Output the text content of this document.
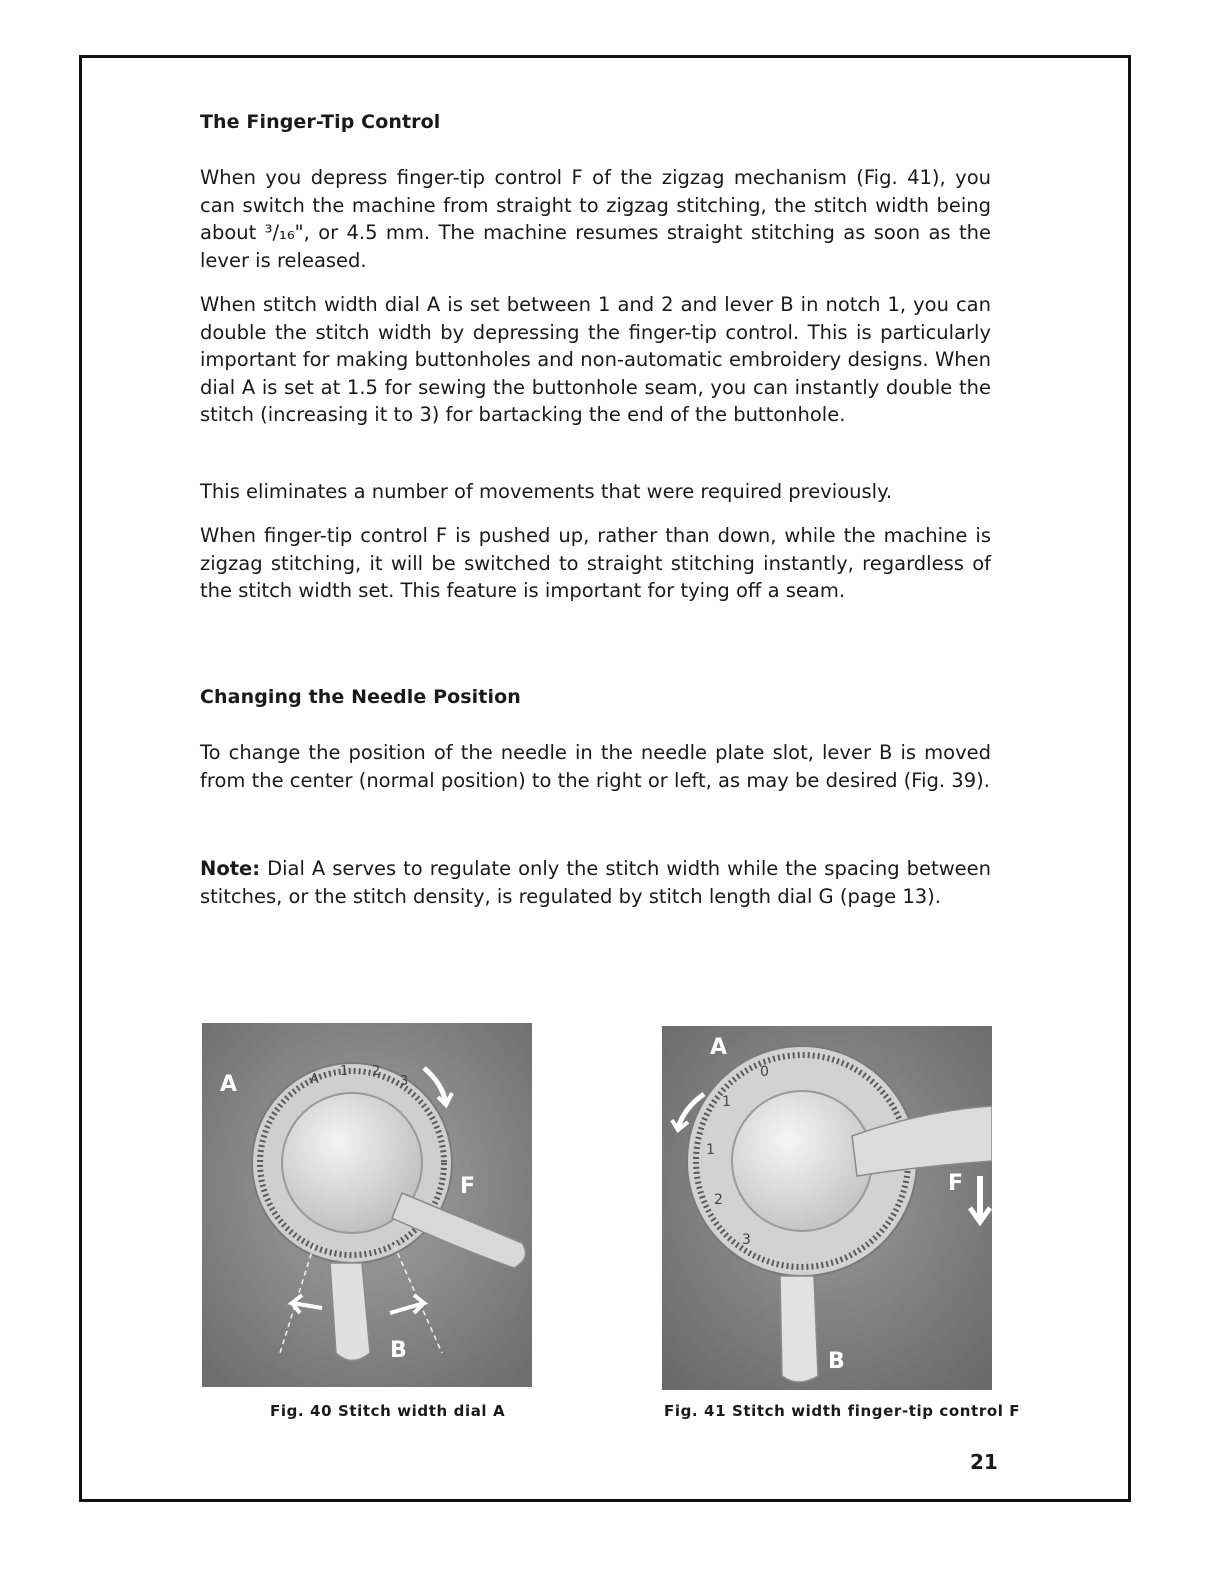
The Finger-Tip Control

When you depress finger-tip control F of the zigzag mechanism (Fig. 41), you can switch the machine from straight to zigzag stitching, the stitch width being about ³/₁₆", or 4.5 mm. The machine resumes straight stitching as soon as the lever is released.

When stitch width dial A is set between 1 and 2 and lever B in notch 1, you can double the stitch width by depressing the finger-tip control. This is particularly important for making buttonholes and non-automatic embroidery designs. When dial A is set at 1.5 for sewing the buttonhole seam, you can instantly double the stitch (increasing it to 3) for bartacking the end of the buttonhole.

This eliminates a number of movements that were required previously.

When finger-tip control F is pushed up, rather than down, while the machine is zigzag stitching, it will be switched to straight stitching instantly, regardless of the stitch width set. This feature is important for tying off a seam.

Changing the Needle Position

To change the position of the needle in the needle plate slot, lever B is moved from the center (normal position) to the right or left, as may be desired (Fig. 39).

Note: Dial A serves to regulate only the stitch width while the spacing between stitches, or the stitch density, is regulated by stitch length dial G (page 13).

A
1 2
3
A
F
B
Fig. 40 Stitch width dial A
0
1
1
2
3
A
F
B
Fig. 41 Stitch width finger-tip control F
21
